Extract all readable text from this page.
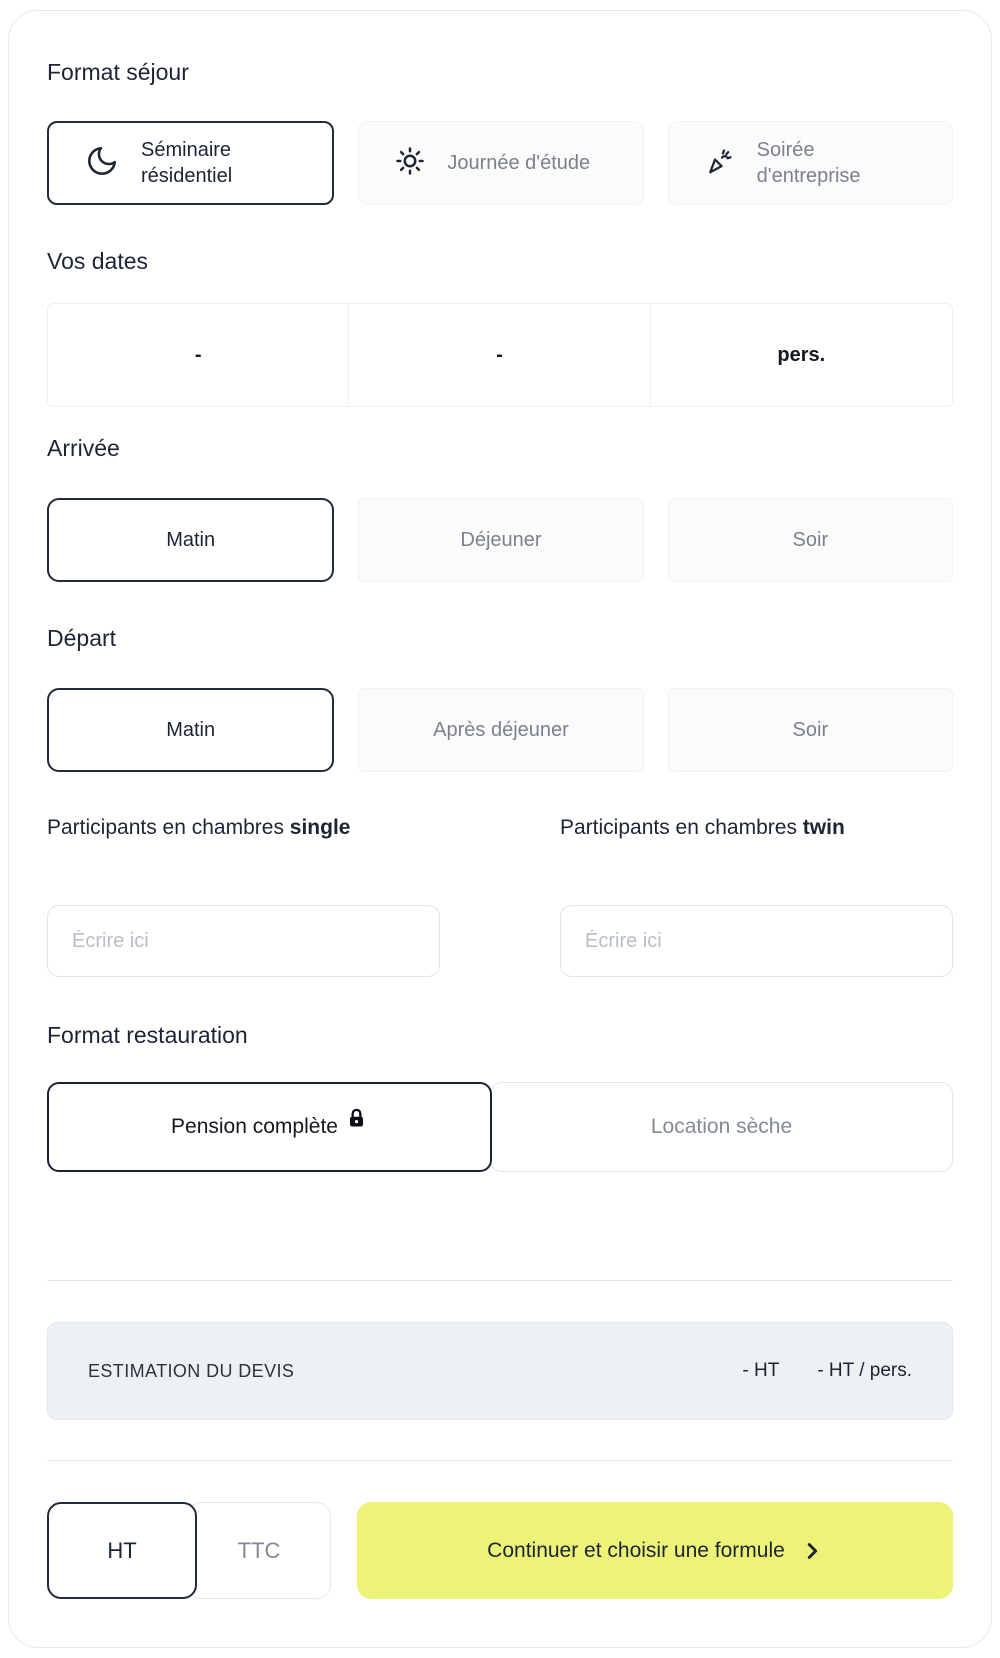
Format séjour
Séminaire résidentiel
Journée d'étude
Soirée d'entreprise
Vos dates
-	-	pers.
Arrivée
Matin	Déjeuner	Soir
Départ
Matin	Après déjeuner	Soir
Participants en chambres single
Écrire ici	Participants en chambres twin
Écrire ici
Format restauration
Pension complète	Location sèche
ESTIMATION DU DEVIS	- HT - HT / pers.
HT	TTC	Continuer et choisir une formule
